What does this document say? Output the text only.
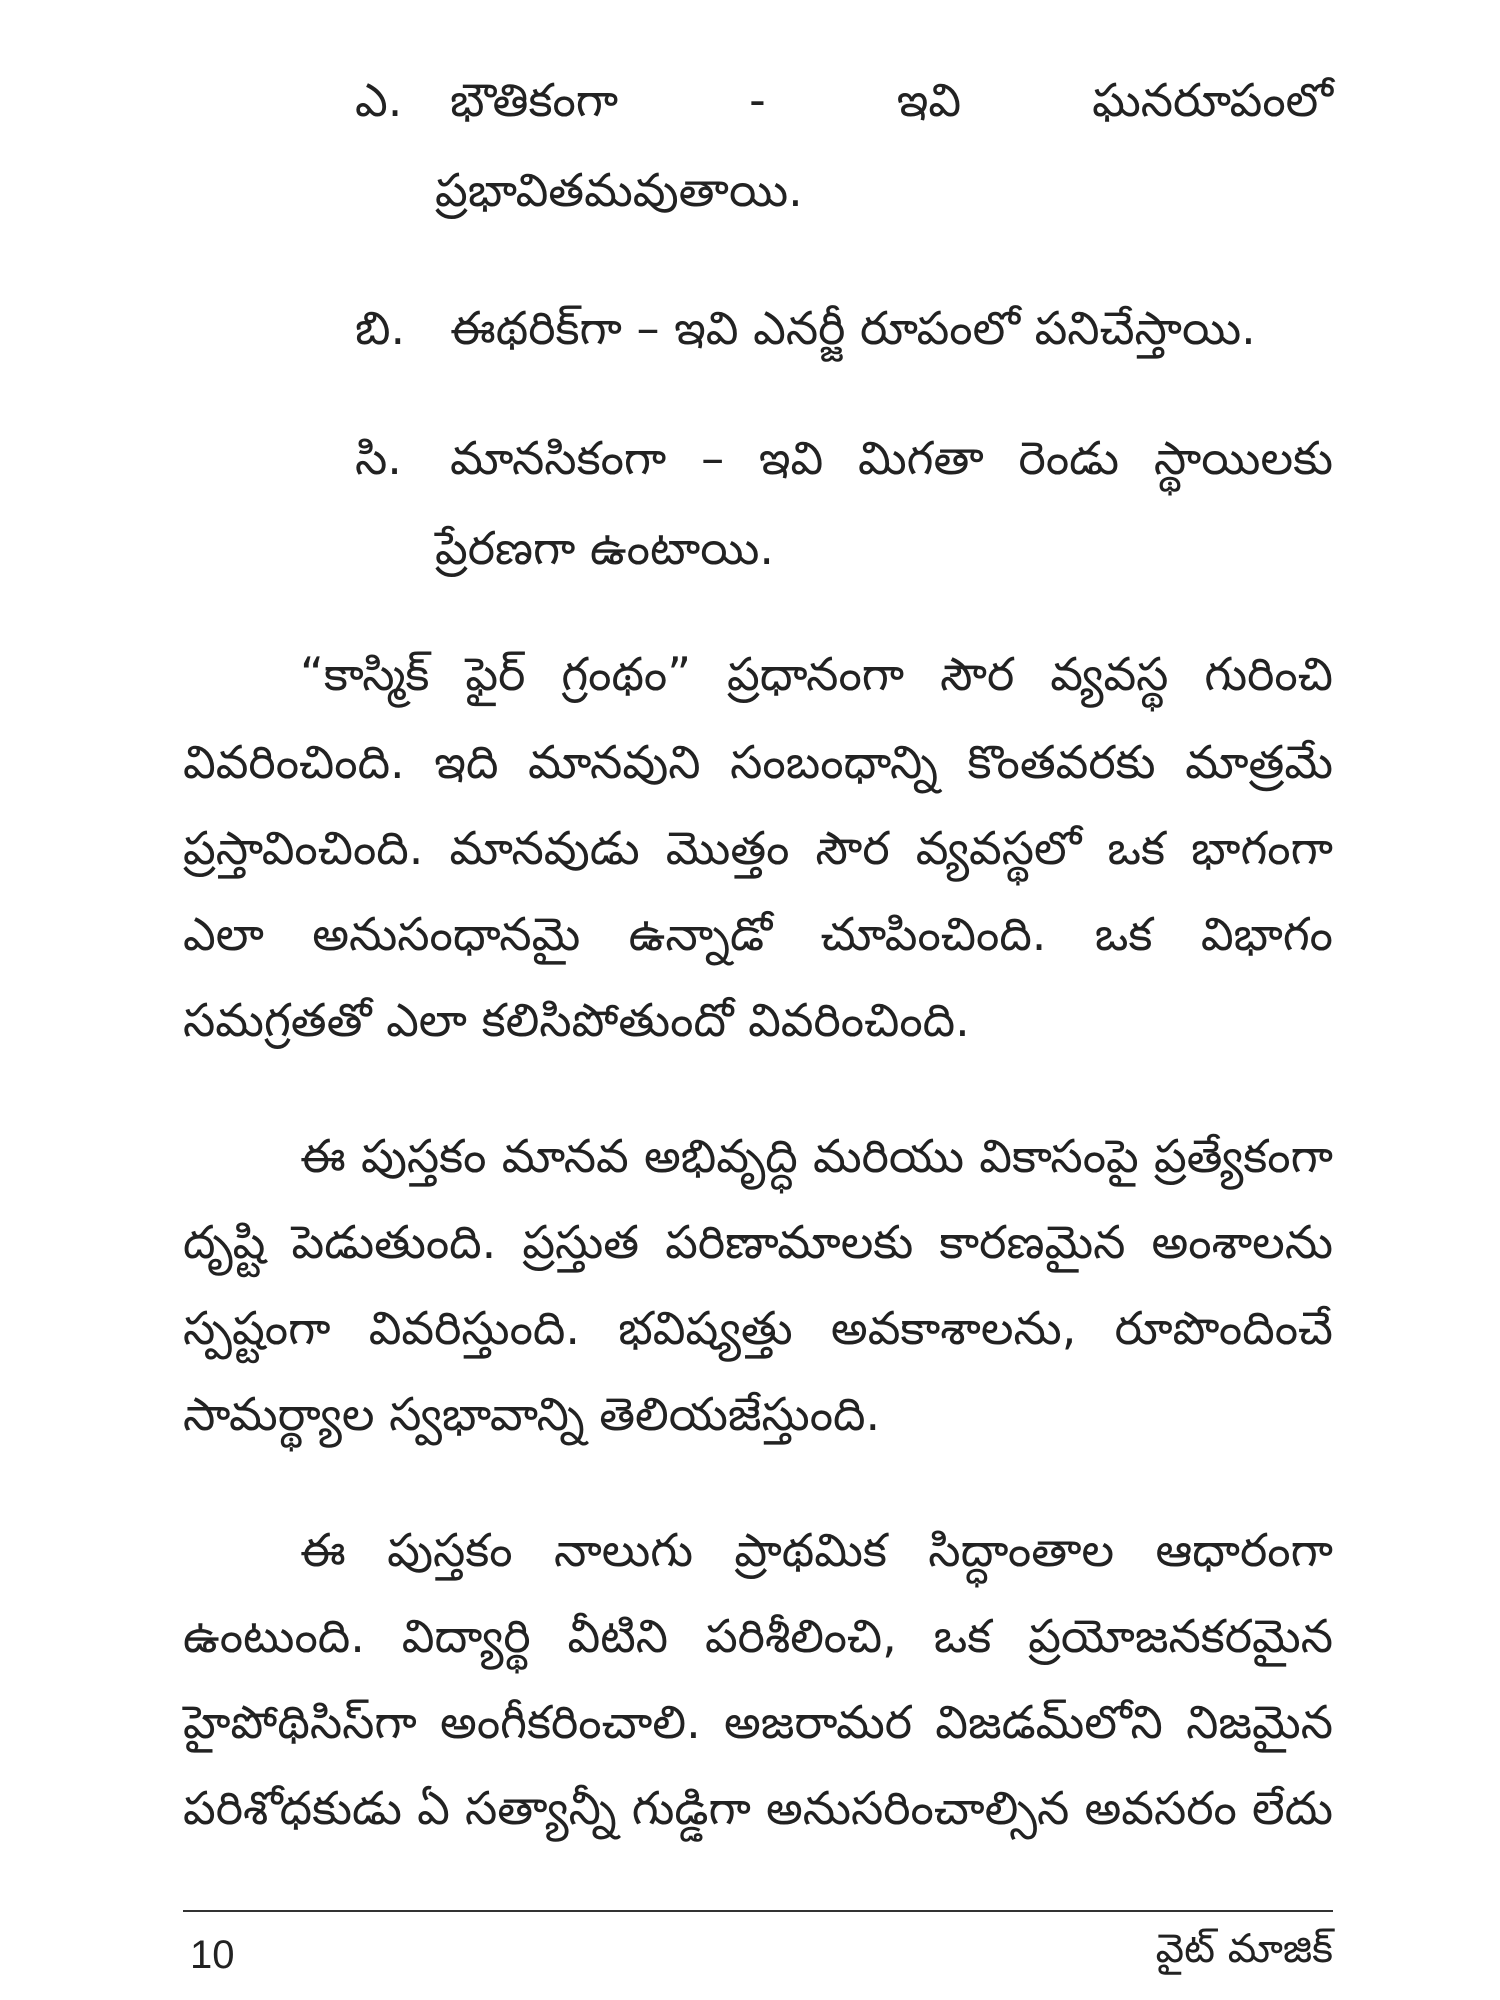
ఎ. భౌతికంగా - ఇవి ఘనరూపంలో
ప్రభావితమవుతాయి.
బి. ఈథరిక్‌గా – ఇవి ఎనర్జీ రూపంలో పనిచేస్తాయి.
సి. మానసికంగా – ఇవి మిగతా రెండు స్థాయిలకు
ప్రేరణగా ఉంటాయి.
“కాస్మిక్ ఫైర్ గ్రంథం” ప్రధానంగా సౌర వ్యవస్థ గురించి
వివరించింది. ఇది మానవుని సంబంధాన్ని కొంతవరకు మాత్రమే
ప్రస్తావించింది. మానవుడు మొత్తం సౌర వ్యవస్థలో ఒక భాగంగా
ఎలా అనుసంధానమై ఉన్నాడో చూపించింది. ఒక విభాగం
సమగ్రతతో ఎలా కలిసిపోతుందో వివరించింది.
ఈ పుస్తకం మానవ అభివృద్ధి మరియు వికాసంపై ప్రత్యేకంగా
దృష్టి పెడుతుంది. ప్రస్తుత పరిణామాలకు కారణమైన అంశాలను
స్పష్టంగా వివరిస్తుంది. భవిష్యత్తు అవకాశాలను, రూపొందించే
సామర్థ్యాల స్వభావాన్ని తెలియజేస్తుంది.
ఈ పుస్తకం నాలుగు ప్రాథమిక సిద్ధాంతాల ఆధారంగా
ఉంటుంది. విద్యార్థి వీటిని పరిశీలించి, ఒక ప్రయోజనకరమైన
హైపోథిసిస్‌గా అంగీకరించాలి. అజరామర విజడమ్‌లోని నిజమైన
పరిశోధకుడు ఏ సత్యాన్నీ గుడ్డిగా అనుసరించాల్సిన అవసరం లేదు
10	వైట్ మాజిక్
